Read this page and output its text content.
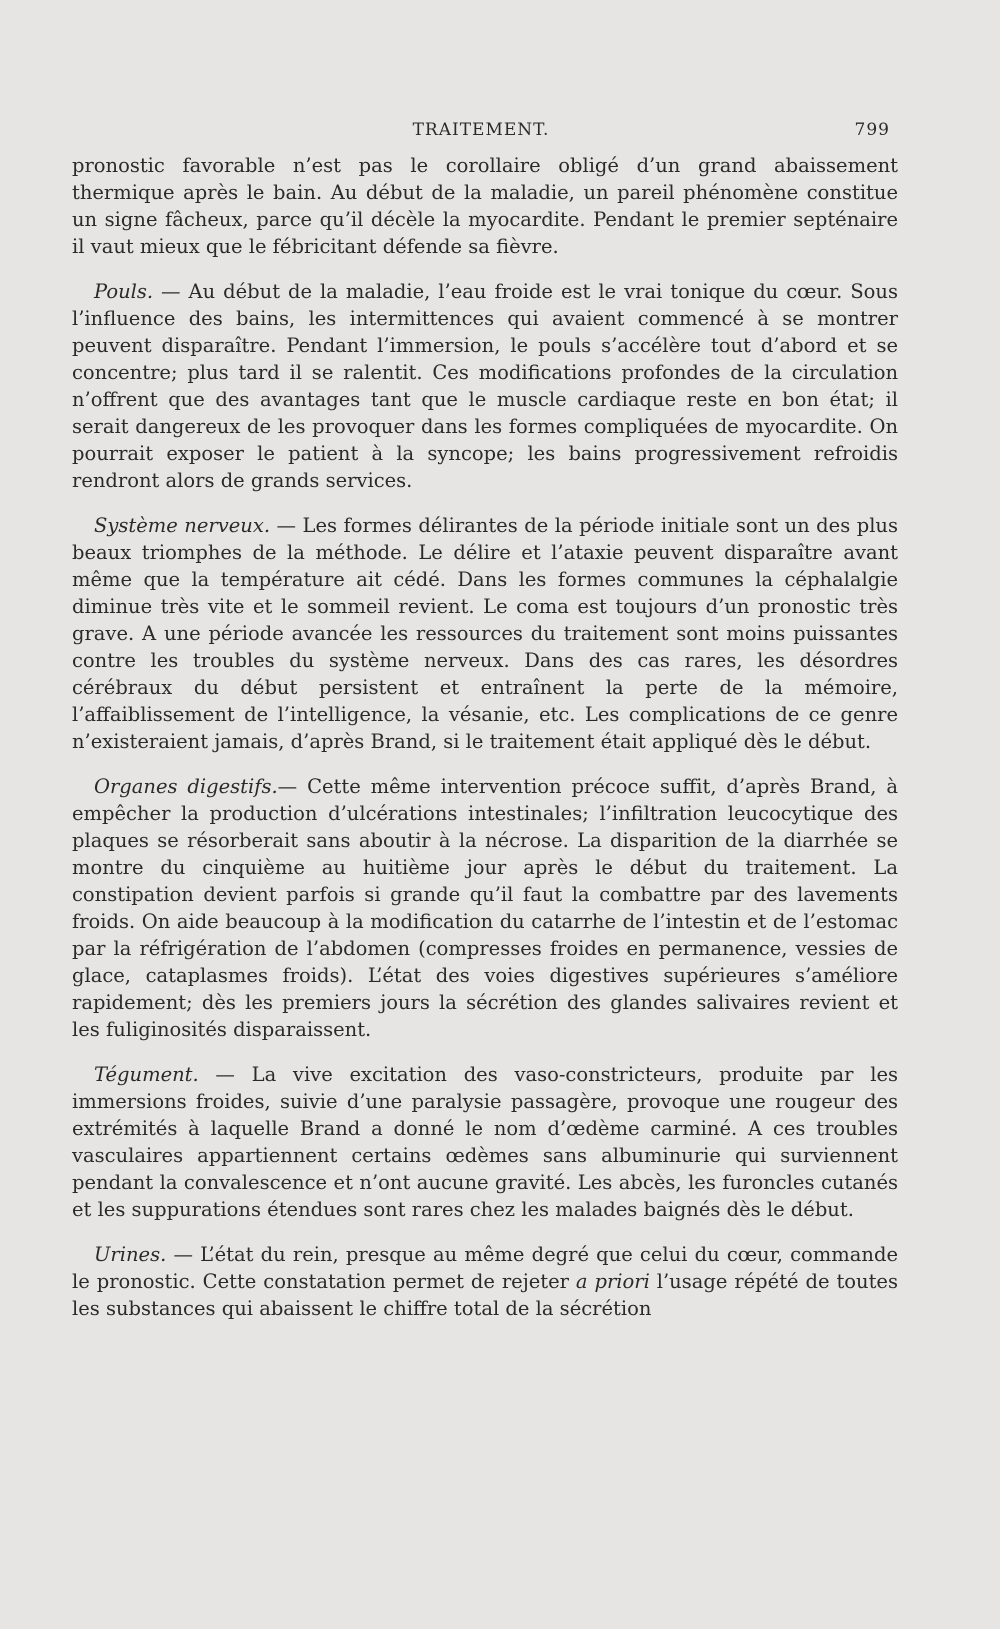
TRAITEMENT.	799

pronostic favorable n’est pas le corollaire obligé d’un grand abaissement thermique après le bain. Au début de la maladie, un pareil phénomène constitue un signe fâcheux, parce qu’il décèle la myocardite. Pendant le premier septénaire il vaut mieux que le fébricitant défende sa fièvre.

Pouls. — Au début de la maladie, l’eau froide est le vrai tonique du cœur. Sous l’influence des bains, les intermittences qui avaient commencé à se montrer peuvent disparaître. Pendant l’immersion, le pouls s’accélère tout d’abord et se concentre; plus tard il se ralentit. Ces modifications profondes de la circulation n’offrent que des avantages tant que le muscle cardiaque reste en bon état; il serait dangereux de les provoquer dans les formes compliquées de myocardite. On pourrait exposer le patient à la syncope; les bains progressivement refroidis rendront alors de grands services.

Système nerveux. — Les formes délirantes de la période initiale sont un des plus beaux triomphes de la méthode. Le délire et l’ataxie peuvent disparaître avant même que la température ait cédé. Dans les formes communes la céphalalgie diminue très vite et le sommeil revient. Le coma est toujours d’un pronostic très grave. A une période avancée les ressources du traitement sont moins puissantes contre les troubles du système nerveux. Dans des cas rares, les désordres cérébraux du début persistent et entraînent la perte de la mémoire, l’affaiblissement de l’intelligence, la vésanie, etc. Les complications de ce genre n’existeraient jamais, d’après Brand, si le traitement était appliqué dès le début.

Organes digestifs.— Cette même intervention précoce suffit, d’après Brand, à empêcher la production d’ulcérations intestinales; l’infiltration leucocytique des plaques se résorberait sans aboutir à la nécrose. La disparition de la diarrhée se montre du cinquième au huitième jour après le début du traitement. La constipation devient parfois si grande qu’il faut la combattre par des lavements froids. On aide beaucoup à la modification du catarrhe de l’intestin et de l’estomac par la réfrigération de l’abdomen (compresses froides en permanence, vessies de glace, cataplasmes froids). L’état des voies digestives supérieures s’améliore rapidement; dès les premiers jours la sécrétion des glandes salivaires revient et les fuliginosités disparaissent.

Tégument. — La vive excitation des vaso-constricteurs, produite par les immersions froides, suivie d’une paralysie passagère, provoque une rougeur des extrémités à laquelle Brand a donné le nom d’œdème carminé. A ces troubles vasculaires appartiennent certains œdèmes sans albuminurie qui surviennent pendant la convalescence et n’ont aucune gravité. Les abcès, les furoncles cutanés et les suppurations étendues sont rares chez les malades baignés dès le début.

Urines. — L’état du rein, presque au même degré que celui du cœur, commande le pronostic. Cette constatation permet de rejeter a priori l’usage répété de toutes les substances qui abaissent le chiffre total de la sécrétion
